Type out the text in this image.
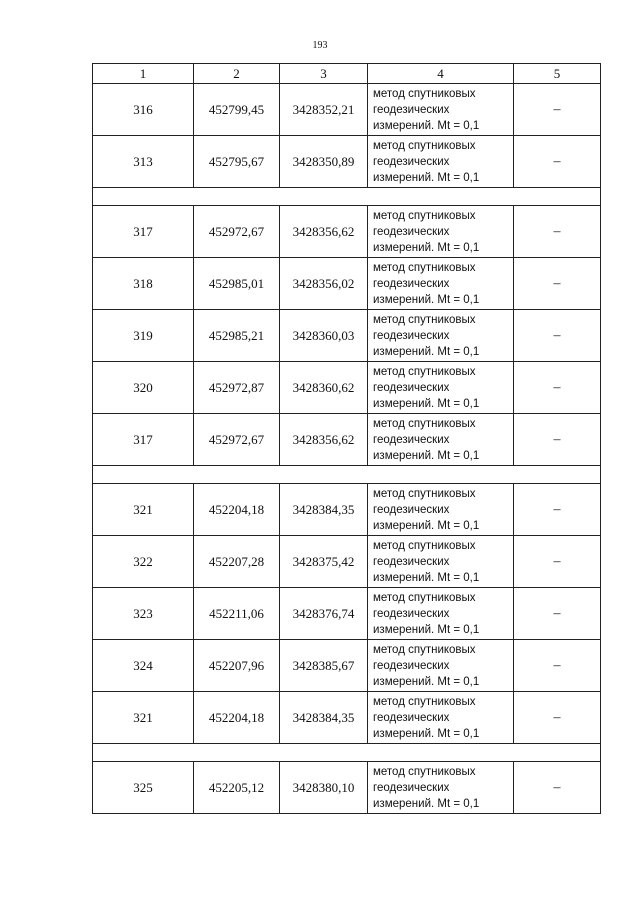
193
1	2	3	4	5
316	452799,45	3428352,21	метод спутниковых
геодезических
измерений. Mt = 0,1	–
313	452795,67	3428350,89	метод спутниковых
геодезических
измерений. Mt = 0,1	–

317	452972,67	3428356,62	метод спутниковых
геодезических
измерений. Mt = 0,1	–
318	452985,01	3428356,02	метод спутниковых
геодезических
измерений. Mt = 0,1	–
319	452985,21	3428360,03	метод спутниковых
геодезических
измерений. Mt = 0,1	–
320	452972,87	3428360,62	метод спутниковых
геодезических
измерений. Mt = 0,1	–
317	452972,67	3428356,62	метод спутниковых
геодезических
измерений. Mt = 0,1	–

321	452204,18	3428384,35	метод спутниковых
геодезических
измерений. Mt = 0,1	–
322	452207,28	3428375,42	метод спутниковых
геодезических
измерений. Mt = 0,1	–
323	452211,06	3428376,74	метод спутниковых
геодезических
измерений. Mt = 0,1	–
324	452207,96	3428385,67	метод спутниковых
геодезических
измерений. Mt = 0,1	–
321	452204,18	3428384,35	метод спутниковых
геодезических
измерений. Mt = 0,1	–

325	452205,12	3428380,10	метод спутниковых
геодезических
измерений. Mt = 0,1	–
